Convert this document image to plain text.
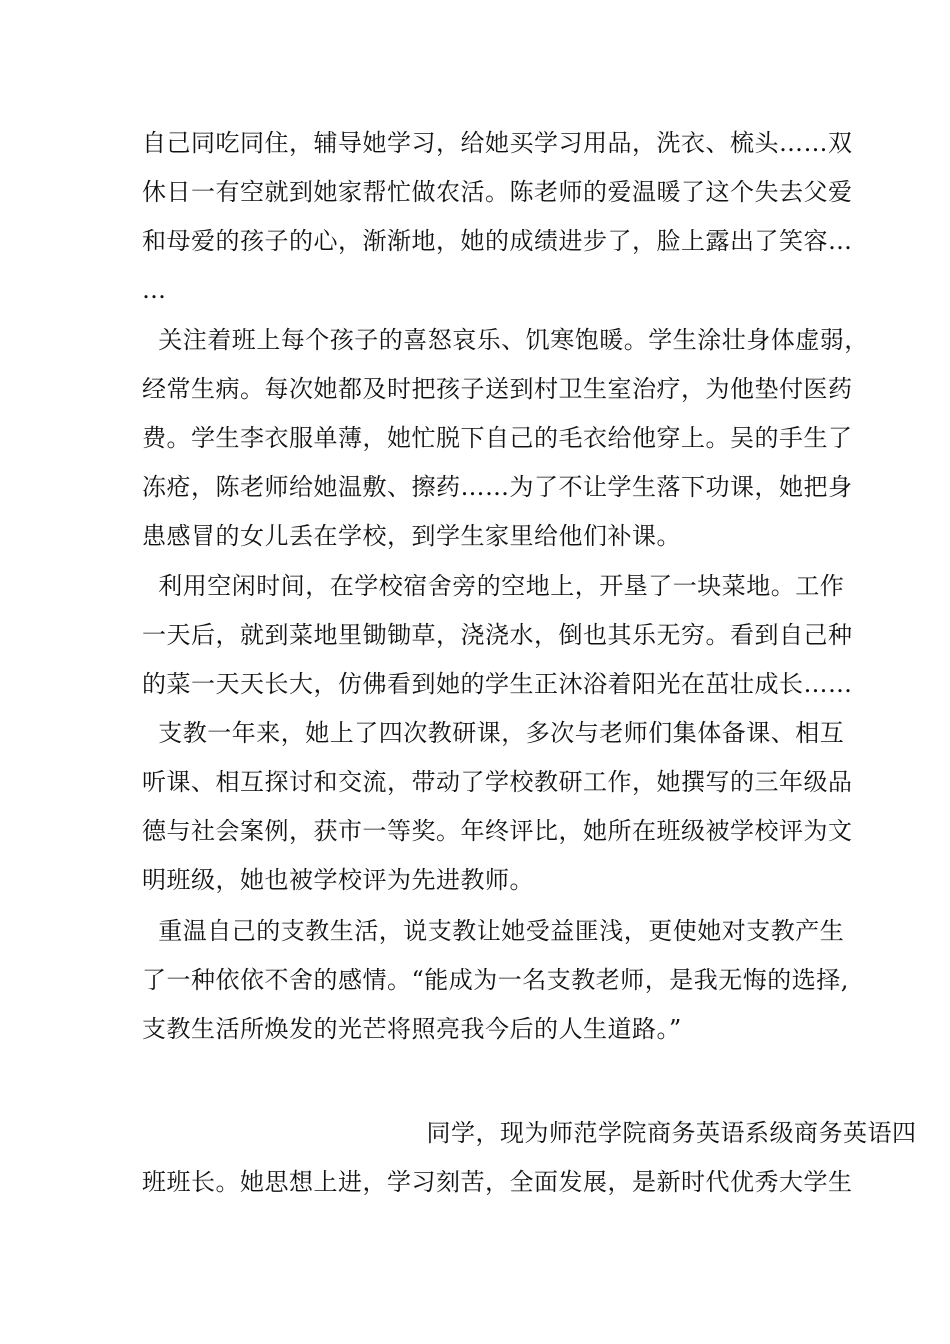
自己同吃同住，辅导她学习，给她买学习用品，洗衣、梳头……双
休日一有空就到她家帮忙做农活。陈老师的爱温暖了这个失去父爱
和母爱的孩子的心，渐渐地，她的成绩进步了，脸上露出了笑容…
…
关注着班上每个孩子的喜怒哀乐、饥寒饱暖。学生涂壮身体虚弱，
经常生病。每次她都及时把孩子送到村卫生室治疗，为他垫付医药
费。学生李衣服单薄，她忙脱下自己的毛衣给他穿上。吴的手生了
冻疮，陈老师给她温敷、擦药……为了不让学生落下功课，她把身
患感冒的女儿丢在学校，到学生家里给他们补课。
利用空闲时间，在学校宿舍旁的空地上，开垦了一块菜地。工作
一天后，就到菜地里锄锄草，浇浇水，倒也其乐无穷。看到自己种
的菜一天天长大，仿佛看到她的学生正沐浴着阳光在茁壮成长……
支教一年来，她上了四次教研课，多次与老师们集体备课、相互
听课、相互探讨和交流，带动了学校教研工作，她撰写的三年级品
德与社会案例，获市一等奖。年终评比，她所在班级被学校评为文
明班级，她也被学校评为先进教师。
重温自己的支教生活，说支教让她受益匪浅，更使她对支教产生
了一种依依不舍的感情。“能成为一名支教老师，是我无悔的选择,
支教生活所焕发的光芒将照亮我今后的人生道路。”
同学，现为师范学院商务英语系级商务英语四
班班长。她思想上进，学习刻苦，全面发展，是新时代优秀大学生
